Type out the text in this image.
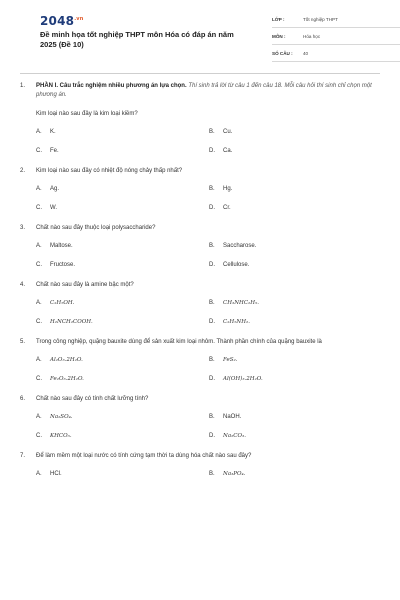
$2048^{.vn}$
Đề minh họa tốt nghiệp THPT môn Hóa có đáp án năm 2025 (Đề 10)
LỚP :	Tốt nghiệp THPT
MÔN :	Hóa học
SỐ CÂU :	40
1.	PHẦN I. Câu trắc nghiệm nhiều phương án lựa chọn. Thí sinh trả lời từ câu 1 đến câu 18. Mỗi câu hỏi thí sinh chỉ chọn một phương án.
Kim loại nào sau đây là kim loại kiềm?
A.	K.	B.	Cu.
C.	Fe.	D.	Ca.
2.	Kim loại nào sau đây có nhiệt độ nóng chảy thấp nhất?
A.	Ag.	B.	Hg.
C.	W.	D.	Cr.
3.	Chất nào sau đây thuộc loại polysaccharide?
A.	Maltose.	B.	Saccharose.
C.	Fructose.	D.	Cellulose.
4.	Chất nào sau đây là amine bậc một?
A.	C₂H₅OH.	B.	CH₃NHC₂H₅.
C.	H₂NCH₂COOH.	D.	C₂H₅NH₂.
5.	Trong công nghiệp, quặng bauxite dùng để sản xuất kim loại nhôm. Thành phần chính của quặng bauxite là
A.	Al₂O₃.2H₂O.	B.	FeS₂.
C.	Fe₂O₃.2H₂O.	D.	Al(OH)₃.2H₂O.
6.	Chất nào sau đây có tính chất lưỡng tính?
A.	Na₂SO₄.	B.	NaOH.
C.	KHCO₃.	D.	Na₂CO₃.
7.	Để làm mềm một loại nước có tính cứng tạm thời ta dùng hóa chất nào sau đây?
A.	HCl.	B.	Na₃PO₄.
